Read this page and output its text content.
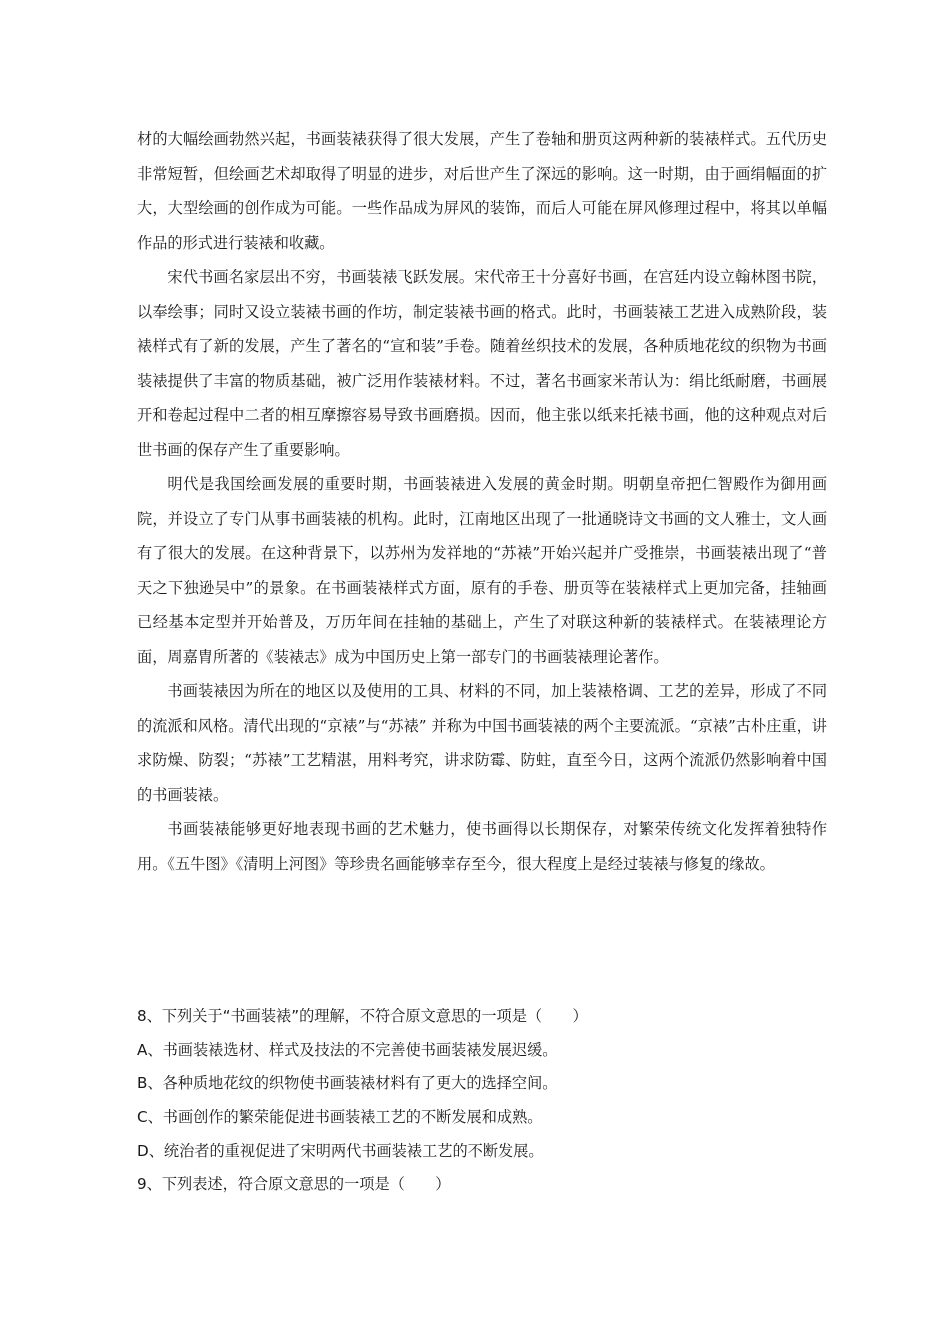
材的大幅绘画勃然兴起，书画装裱获得了很大发展，产生了卷轴和册页这两种新的装裱样式。五代历史非常短暂，但绘画艺术却取得了明显的进步，对后世产生了深远的影响。这一时期，由于画绢幅面的扩大，大型绘画的创作成为可能。一些作品成为屏风的装饰，而后人可能在屏风修理过程中，将其以单幅作品的形式进行装裱和收藏。

宋代书画名家层出不穷，书画装裱飞跃发展。宋代帝王十分喜好书画，在宫廷内设立翰林图书院，以奉绘事；同时又设立装裱书画的作坊，制定装裱书画的格式。此时，书画装裱工艺进入成熟阶段，装裱样式有了新的发展，产生了著名的“宣和装”手卷。随着丝织技术的发展，各种质地花纹的织物为书画装裱提供了丰富的物质基础，被广泛用作装裱材料。不过，著名书画家米芾认为：绢比纸耐磨，书画展开和卷起过程中二者的相互摩擦容易导致书画磨损。因而，他主张以纸来托裱书画，他的这种观点对后世书画的保存产生了重要影响。

明代是我国绘画发展的重要时期，书画装裱进入发展的黄金时期。明朝皇帝把仁智殿作为御用画院，并设立了专门从事书画装裱的机构。此时，江南地区出现了一批通晓诗文书画的文人雅士，文人画有了很大的发展。在这种背景下，以苏州为发祥地的“苏裱”开始兴起并广受推崇，书画装裱出现了“普天之下独逊吴中”的景象。在书画装裱样式方面，原有的手卷、册页等在装裱样式上更加完备，挂轴画已经基本定型并开始普及，万历年间在挂轴的基础上，产生了对联这种新的装裱样式。在装裱理论方面，周嘉胄所著的《装裱志》成为中国历史上第一部专门的书画装裱理论著作。

书画装裱因为所在的地区以及使用的工具、材料的不同，加上装裱格调、工艺的差异，形成了不同的流派和风格。清代出现的“京裱”与“苏裱” 并称为中国书画装裱的两个主要流派。“京裱”古朴庄重，讲求防燥、防裂；“苏裱”工艺精湛，用料考究，讲求防霉、防蛀，直至今日，这两个流派仍然影响着中国的书画装裱。

书画装裱能够更好地表现书画的艺术魅力，使书画得以长期保存，对繁荣传统文化发挥着独特作用。《五牛图》《清明上河图》等珍贵名画能够幸存至今，很大程度上是经过装裱与修复的缘故。

8、下列关于“书画装裱”的理解，不符合原文意思的一项是（　　）
A、书画装裱选材、样式及技法的不完善使书画装裱发展迟缓。
B、各种质地花纹的织物使书画装裱材料有了更大的选择空间。
C、书画创作的繁荣能促进书画装裱工艺的不断发展和成熟。
D、统治者的重视促进了宋明两代书画装裱工艺的不断发展。
9、下列表述，符合原文意思的一项是（　　）
